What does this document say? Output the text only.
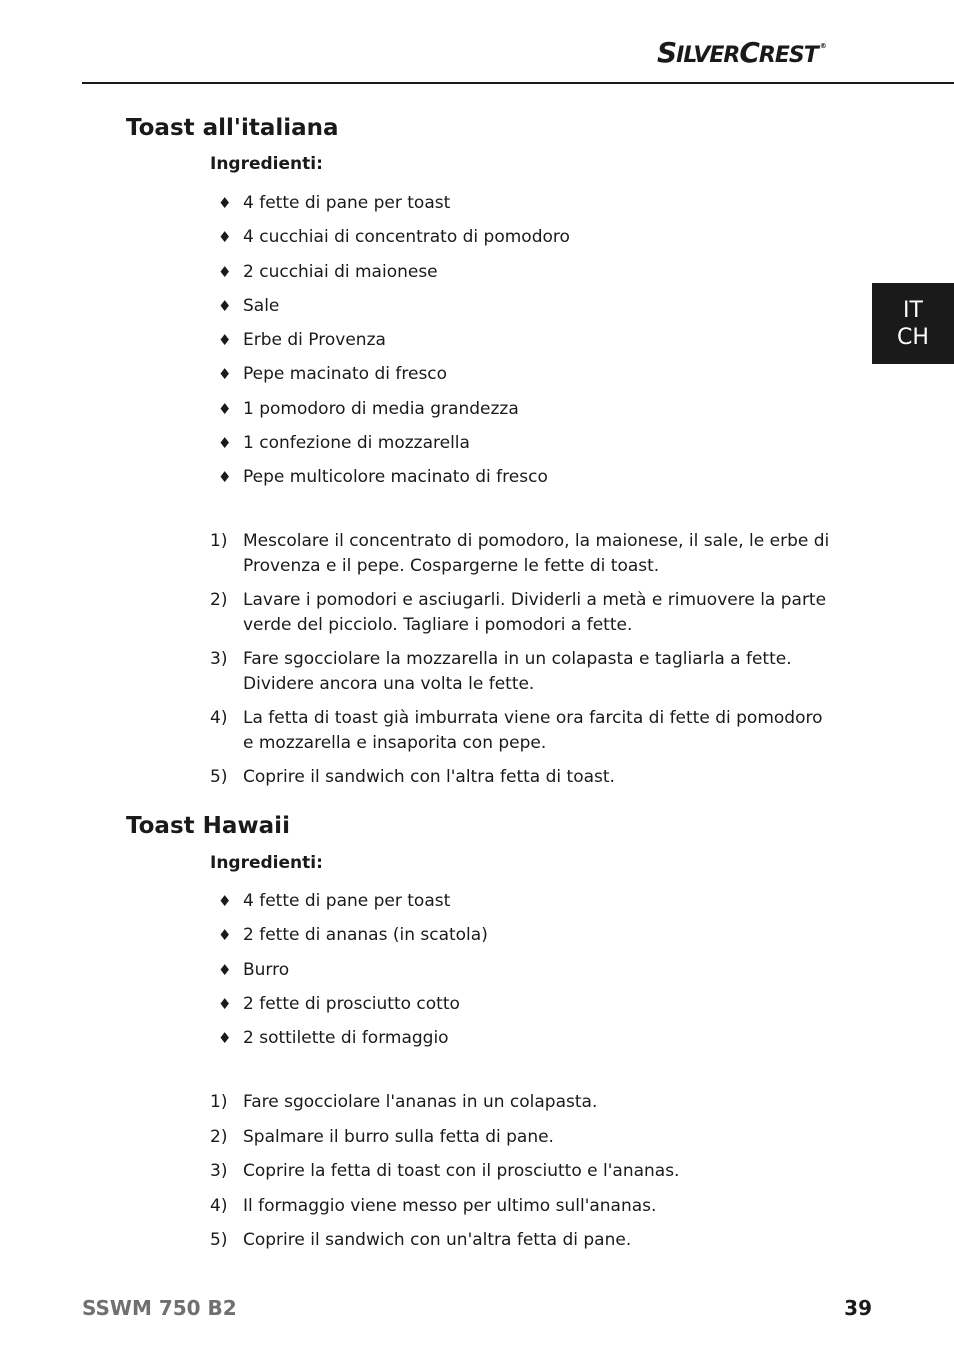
SILVERCREST ®
IT
CH
Toast all'italiana
Ingredienti:
♦ 4 fette di pane per toast
♦ 4 cucchiai di concentrato di pomodoro
♦ 2 cucchiai di maionese
♦ Sale
♦ Erbe di Provenza
♦ Pepe macinato di fresco
♦ 1 pomodoro di media grandezza
♦ 1 confezione di mozzarella
♦ Pepe multicolore macinato di fresco
1) Mescolare il concentrato di pomodoro, la maionese, il sale, le erbe di Provenza e il pepe. Cospargerne le fette di toast.
2) Lavare i pomodori e asciugarli. Dividerli a metà e rimuovere la parte verde del picciolo. Tagliare i pomodori a fette.
3) Fare sgocciolare la mozzarella in un colapasta e tagliarla a fette. Dividere ancora una volta le fette.
4) La fetta di toast già imburrata viene ora farcita di fette di pomodoro e mozzarella e insaporita con pepe.
5) Coprire il sandwich con l'altra fetta di toast.
Toast Hawaii
Ingredienti:
♦ 4 fette di pane per toast
♦ 2 fette di ananas (in scatola)
♦ Burro
♦ 2 fette di prosciutto cotto
♦ 2 sottilette di formaggio
1) Fare sgocciolare l'ananas in un colapasta.
2) Spalmare il burro sulla fetta di pane.
3) Coprire la fetta di toast con il prosciutto e l'ananas.
4) Il formaggio viene messo per ultimo sull'ananas.
5) Coprire il sandwich con un'altra fetta di pane.
SSWM 750 B2	39
